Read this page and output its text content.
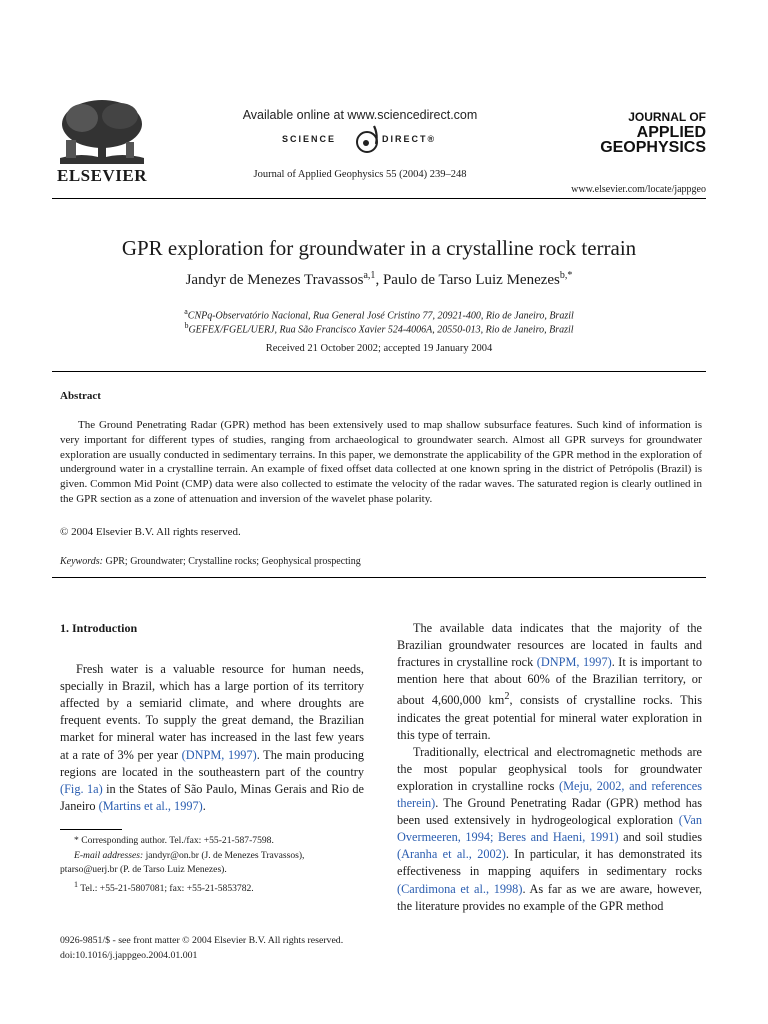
ELSEVIER
Available online at www.sciencedirect.com
SCIENCE	DIRECT®
Journal of Applied Geophysics 55 (2004) 239–248
JOURNAL OF
APPLIED
GEOPHYSICS
www.elsevier.com/locate/jappgeo
GPR exploration for groundwater in a crystalline rock terrain
Jandyr de Menezes Travassos$^{a,1}$, Paulo de Tarso Luiz Menezes$^{b,*}$
$^a$CNPq-Observatório Nacional, Rua General José Cristino 77, 20921-400, Rio de Janeiro, Brazil
$^b$GEFEX/FGEL/UERJ, Rua São Francisco Xavier 524-4006A, 20550-013, Rio de Janeiro, Brazil
Received 21 October 2002; accepted 19 January 2004
Abstract

The Ground Penetrating Radar (GPR) method has been extensively used to map shallow subsurface features. Such kind of information is very important for different types of studies, ranging from archaeological to groundwater search. Almost all GPR surveys for groundwater exploration are usually conducted in sedimentary terrains. In this paper, we demonstrate the applicability of the GPR method in the exploration of underground water in a crystalline terrain. An example of fixed offset data collected at one known spring in the district of Petrópolis (Brazil) is given. Common Mid Point (CMP) data were also collected to estimate the velocity of the radar waves. The saturated region is clearly outlined in the GPR section as a zone of attenuation and inversion of the wavelet phase polarity.

© 2004 Elsevier B.V. All rights reserved.
Keywords: GPR; Groundwater; Crystalline rocks; Geophysical prospecting
1. Introduction

Fresh water is a valuable resource for human needs, specially in Brazil, which has a large portion of its territory affected by a semiarid climate, and where droughts are frequent events. To supply the great demand, the Brazilian market for mineral water has increased in the last few years at a rate of 3% per year (DNPM, 1997). The main producing regions are located in the southeastern part of the country (Fig. 1a) in the States of São Paulo, Minas Gerais and Rio de Janeiro (Martins et al., 1997).

* Corresponding author. Tel./fax: +55-21-587-7598.
E-mail addresses: jandyr@on.br (J. de Menezes Travassos), ptarso@uerj.br (P. de Tarso Luiz Menezes).
$^1$ Tel.: +55-21-5807081; fax: +55-21-5853782.
0926-9851/$ - see front matter © 2004 Elsevier B.V. All rights reserved.
doi:10.1016/j.jappgeo.2004.01.001

The available data indicates that the majority of the Brazilian groundwater resources are located in faults and fractures in crystalline rock (DNPM, 1997). It is important to mention here that about 60% of the Brazilian territory, or about 4,600,000 $km^2$, consists of crystalline rocks. This indicates the great potential for mineral water exploration in this type of terrain.

Traditionally, electrical and electromagnetic methods are the most popular geophysical tools for groundwater exploration in crystalline rocks (Meju, 2002, and references therein). The Ground Penetrating Radar (GPR) method has been used extensively in hydrogeological exploration (Van Overmeeren, 1994; Beres and Haeni, 1991) and soil studies (Aranha et al., 2002). In particular, it has demonstrated its effectiveness in mapping aquifers in sedimentary rocks (Cardimona et al., 1998). As far as we are aware, however, the literature provides no example of the GPR method
